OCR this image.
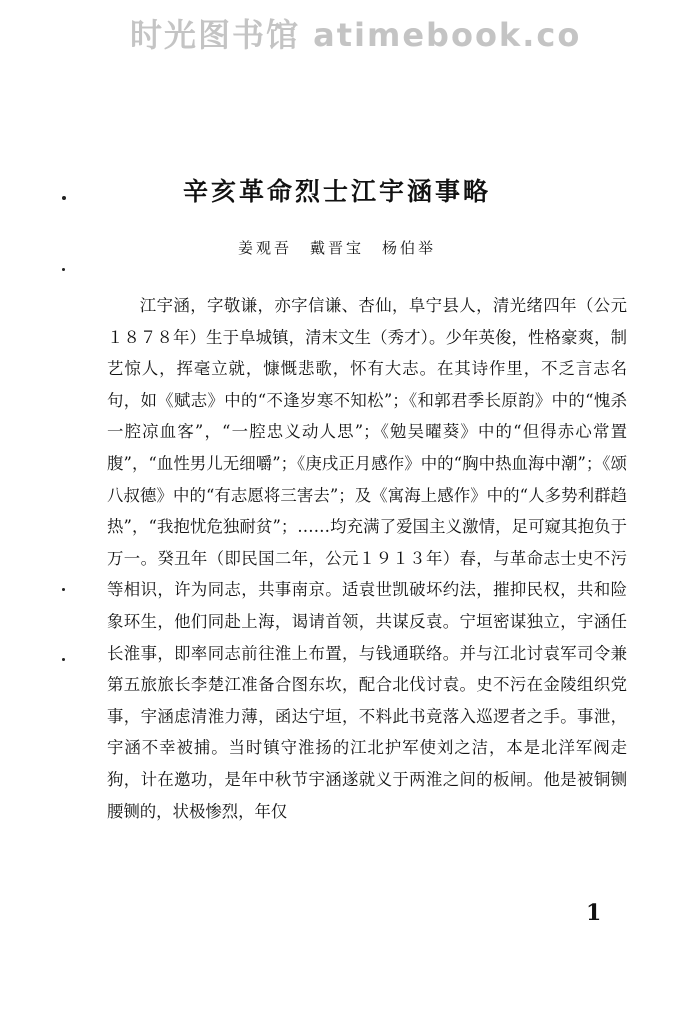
时光图书馆 atimebook.co
辛亥革命烈士江宇涵事略
姜观吾　戴晋宝　杨伯举

江宇涵，字敬谦，亦字信谦、杏仙，阜宁县人，清光绪四年（公元１８７８年）生于阜城镇，清末文生（秀才）。少年英俊，性格豪爽，制艺惊人，挥毫立就，慷慨悲歌，怀有大志。在其诗作里，不乏言志名句，如《赋志》中的“不逢岁寒不知松”；《和郭君季长原韵》中的“愧杀一腔凉血客”，“一腔忠义动人思”；《勉吴曜葵》中的“但得赤心常置腹”，“血性男儿无细嚼”；《庚戌正月感作》中的“胸中热血海中潮”；《颂八叔德》中的“有志愿将三害去”；及《寓海上感作》中的“人多势利群趋热”，“我抱忧危独耐贫”；……均充满了爱国主义激情，足可窥其抱负于万一。癸丑年（即民国二年，公元１９１３年）春，与革命志士史不污等相识，许为同志，共事南京。适袁世凯破坏约法，摧抑民权，共和险象环生，他们同赴上海，谒请首领，共谋反袁。宁垣密谋独立，宇涵任长淮事，即率同志前往淮上布置，与钱通联络。并与江北讨袁军司令兼第五旅旅长李楚江准备合图东坎，配合北伐讨袁。史不污在金陵组织党事，宇涵虑清淮力薄，函达宁垣，不料此书竟落入巡逻者之手。事泄，宇涵不幸被捕。当时镇守淮扬的江北护军使刘之洁，本是北洋军阀走狗，计在邀功，是年中秋节宇涵遂就义于两淮之间的板闸。他是被铜铡腰铡的，状极惨烈，年仅

1
